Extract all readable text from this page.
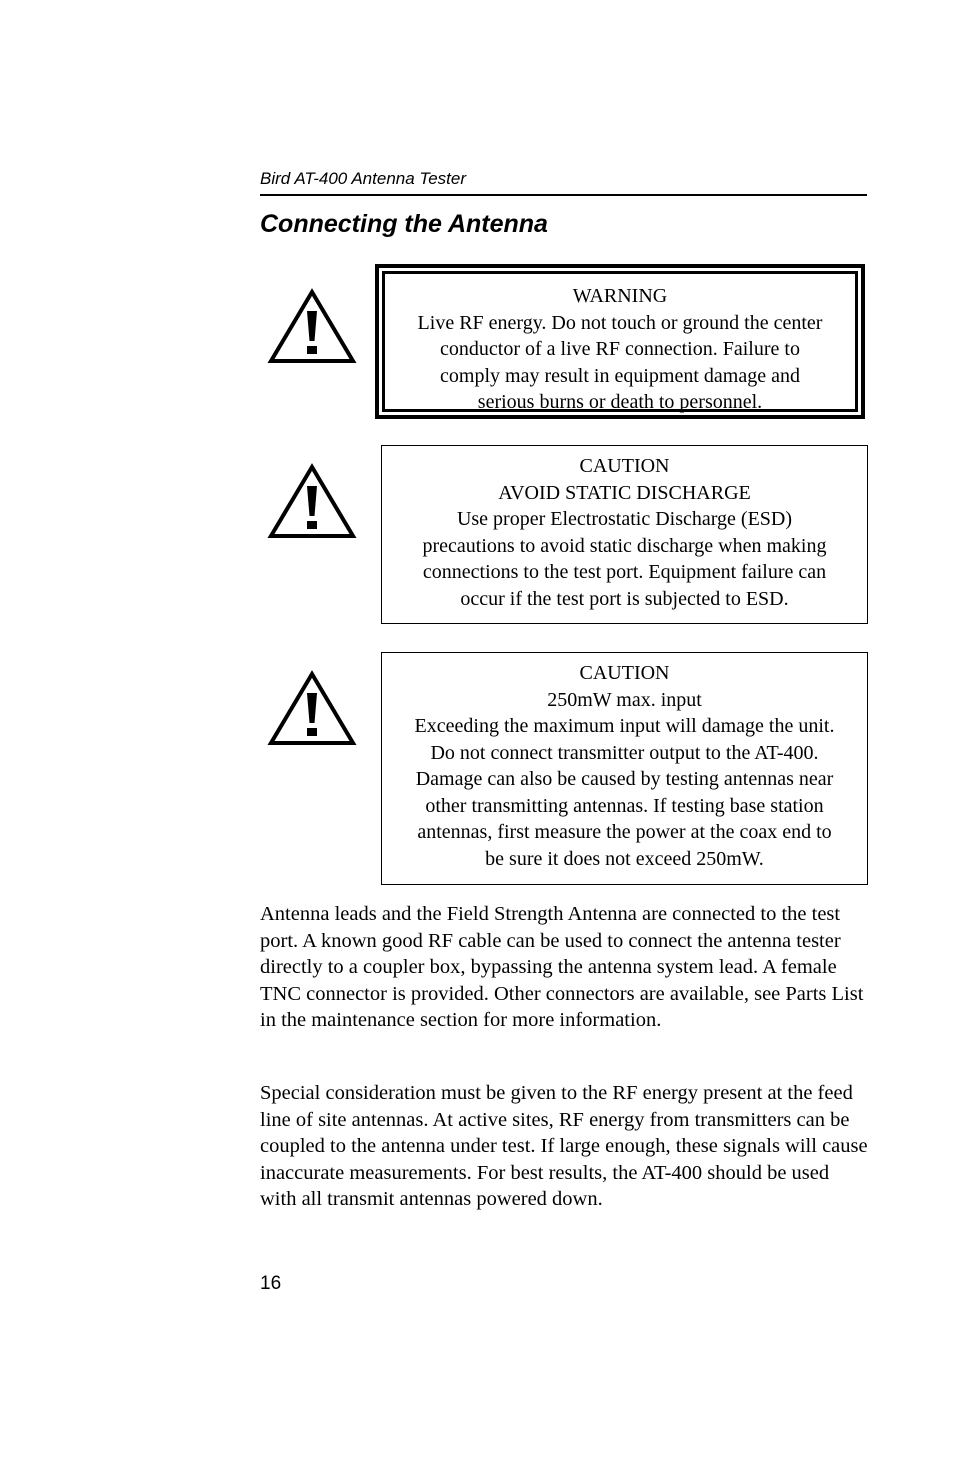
Bird AT-400 Antenna Tester
Connecting the Antenna
WARNING
Live RF energy. Do not touch or ground the center
conductor of a live RF connection. Failure to
comply may result in equipment damage and
serious burns or death to personnel.
CAUTION
AVOID STATIC DISCHARGE
Use proper Electrostatic Discharge (ESD)
precautions to avoid static discharge when making
connections to the test port. Equipment failure can
occur if the test port is subjected to ESD.
CAUTION
250mW max. input
Exceeding the maximum input will damage the unit.
Do not connect transmitter output to the AT-400.
Damage can also be caused by testing antennas near
other transmitting antennas. If testing base station
antennas, first measure the power at the coax end to
be sure it does not exceed 250mW.

Antenna leads and the Field Strength Antenna are connected to the test port. A known good RF cable can be used to connect the antenna tester directly to a coupler box, bypassing the antenna system lead. A female TNC connector is provided. Other connectors are available, see Parts List in the maintenance section for more information.

Special consideration must be given to the RF energy present at the feed line of site antennas. At active sites, RF energy from transmitters can be coupled to the antenna under test. If large enough, these signals will cause inaccurate measurements. For best results, the AT-400 should be used with all transmit antennas powered down.

16
